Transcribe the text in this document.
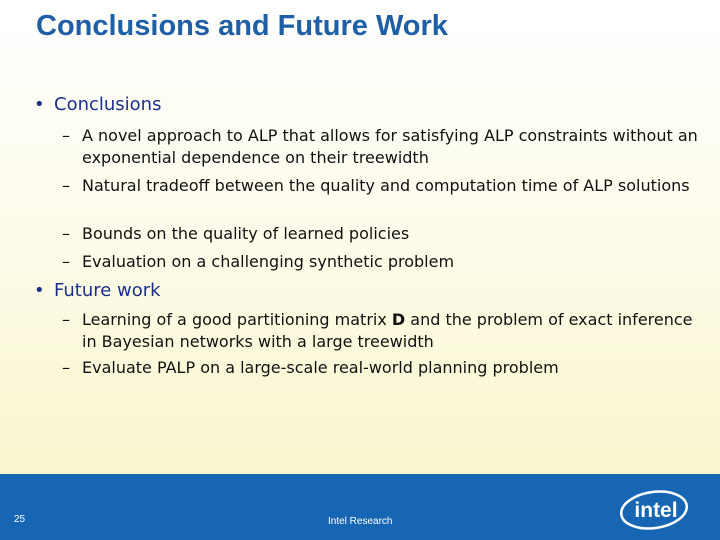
Conclusions and Future Work
• Conclusions
– A novel approach to ALP that allows for satisfying ALP constraints without an exponential dependence on their treewidth
– Natural tradeoff between the quality and computation time of ALP solutions
– Bounds on the quality of learned policies
– Evaluation on a challenging synthetic problem
• Future work
– Learning of a good partitioning matrix D and the problem of exact inference in Bayesian networks with a large treewidth
– Evaluate PALP on a large-scale real-world planning problem
25	Intel Research	intel
